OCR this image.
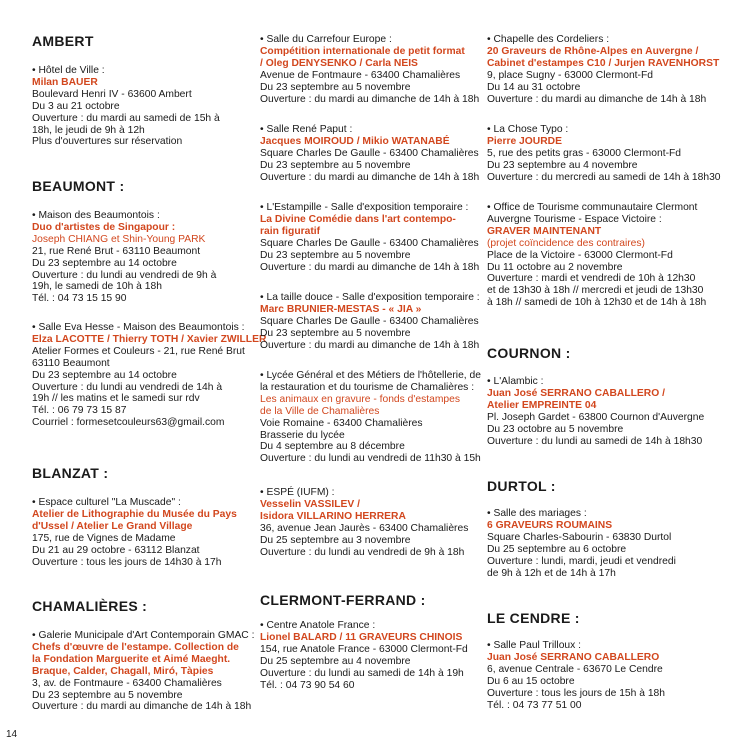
AMBERT
• Hôtel de Ville :
Milan BAUER
Boulevard Henri IV - 63600 Ambert
Du 3 au 21 octobre
Ouverture : du mardi au samedi de 15h à
18h, le jeudi de 9h à 12h
Plus d'ouvertures sur réservation
BEAUMONT :
• Maison des Beaumontois :
Duo d'artistes de Singapour :
Joseph CHIANG et Shin-Young PARK
21, rue René Brut - 63110 Beaumont
Du 23 septembre au 14 octobre
Ouverture : du lundi au vendredi de 9h à
19h, le samedi de 10h à 18h
Tél. : 04 73 15 15 90
• Salle Eva Hesse - Maison des Beaumontois :
Elza LACOTTE / Thierry TOTH / Xavier ZWILLER
Atelier Formes et Couleurs - 21, rue René Brut
63110 Beaumont
Du 23 septembre au 14 octobre
Ouverture : du lundi au vendredi de 14h à
19h // les matins et le samedi sur rdv
Tél. : 06 79 73 15 87
Courriel : formesetcouleurs63@gmail.com
BLANZAT :
• Espace culturel "La Muscade" :
Atelier de Lithographie du Musée du Pays
d'Ussel / Atelier Le Grand Village
175, rue de Vignes de Madame
Du 21 au 29 octobre - 63112 Blanzat
Ouverture : tous les jours de 14h30 à 17h
CHAMALIÈRES :
• Galerie Municipale d'Art Contemporain GMAC :
Chefs d'œuvre de l'estampe. Collection de
la Fondation Marguerite et Aimé Maeght.
Braque, Calder, Chagall, Miró, Tàpies
3, av. de Fontmaure - 63400 Chamalières
Du 23 septembre au 5 novembre
Ouverture : du mardi au dimanche de 14h à 18h
• Salle du Carrefour Europe :
Compétition internationale de petit format
/ Oleg DENYSENKO / Carla NEIS
Avenue de Fontmaure - 63400 Chamalières
Du 23 septembre au 5 novembre
Ouverture : du mardi au dimanche de 14h à 18h
• Salle René Paput :
Jacques MOIROUD / Mikio WATANABÉ
Square Charles De Gaulle - 63400 Chamalières
Du 23 septembre au 5 novembre
Ouverture : du mardi au dimanche de 14h à 18h
• L'Estampille - Salle d'exposition temporaire :
La Divine Comédie dans l'art contempo-
rain figuratif
Square Charles De Gaulle - 63400 Chamalières
Du 23 septembre au 5 novembre
Ouverture : du mardi au dimanche de 14h à 18h
• La taille douce - Salle d'exposition temporaire :
Marc BRUNIER-MESTAS - « JIA »
Square Charles De Gaulle - 63400 Chamalières
Du 23 septembre au 5 novembre
Ouverture : du mardi au dimanche de 14h à 18h
• Lycée Général et des Métiers de l'hôtellerie, de
la restauration et du tourisme de Chamalières :
Les animaux en gravure - fonds d'estampes
de la Ville de Chamalières
Voie Romaine - 63400 Chamalières
Brasserie du lycée
Du 4 septembre au 8 décembre
Ouverture : du lundi au vendredi de 11h30 à 15h
• ESPÉ (IUFM) :
Vesselin VASSILEV /
Isidora VILLARINO HERRERA
36, avenue Jean Jaurès - 63400 Chamalières
Du 25 septembre au 3 novembre
Ouverture : du lundi au vendredi de 9h à 18h
CLERMONT-FERRAND :
• Centre Anatole France :
Lionel BALARD / 11 GRAVEURS CHINOIS
154, rue Anatole France - 63000 Clermont-Fd
Du 25 septembre au 4 novembre
Ouverture : du lundi au samedi de 14h à 19h
Tél. : 04 73 90 54 60
• Chapelle des Cordeliers :
20 Graveurs de Rhône-Alpes en Auvergne /
Cabinet d'estampes C10 / Jurjen RAVENHORST
9, place Sugny - 63000 Clermont-Fd
Du 14 au 31 octobre
Ouverture : du mardi au dimanche de 14h à 18h
• La Chose Typo :
Pierre JOURDE
5, rue des petits gras - 63000 Clermont-Fd
Du 23 septembre au 4 novembre
Ouverture : du mercredi au samedi de 14h à 18h30
• Office de Tourisme communautaire Clermont
Auvergne Tourisme - Espace Victoire :
GRAVER MAINTENANT
(projet coïncidence des contraires)
Place de la Victoire - 63000 Clermont-Fd
Du 11 octobre au 2 novembre
Ouverture : mardi et vendredi de 10h à 12h30
et de 13h30 à 18h // mercredi et jeudi de 13h30
à 18h // samedi de 10h à 12h30 et de 14h à 18h
COURNON :
• L'Alambic :
Juan José SERRANO CABALLERO /
Atelier EMPREINTE 04
Pl. Joseph Gardet - 63800 Cournon d'Auvergne
Du 23 octobre au 5 novembre
Ouverture : du lundi au samedi de 14h à 18h30
DURTOL :
• Salle des mariages :
6 GRAVEURS ROUMAINS
Square Charles-Sabourin - 63830 Durtol
Du 25 septembre au 6 octobre
Ouverture : lundi, mardi, jeudi et vendredi
de 9h à 12h et de 14h à 17h
LE CENDRE :
• Salle Paul Trilloux :
Juan José SERRANO CABALLERO
6, avenue Centrale - 63670 Le Cendre
Du 6 au 15 octobre
Ouverture : tous les jours de 15h à 18h
Tél. : 04 73 77 51 00
14
